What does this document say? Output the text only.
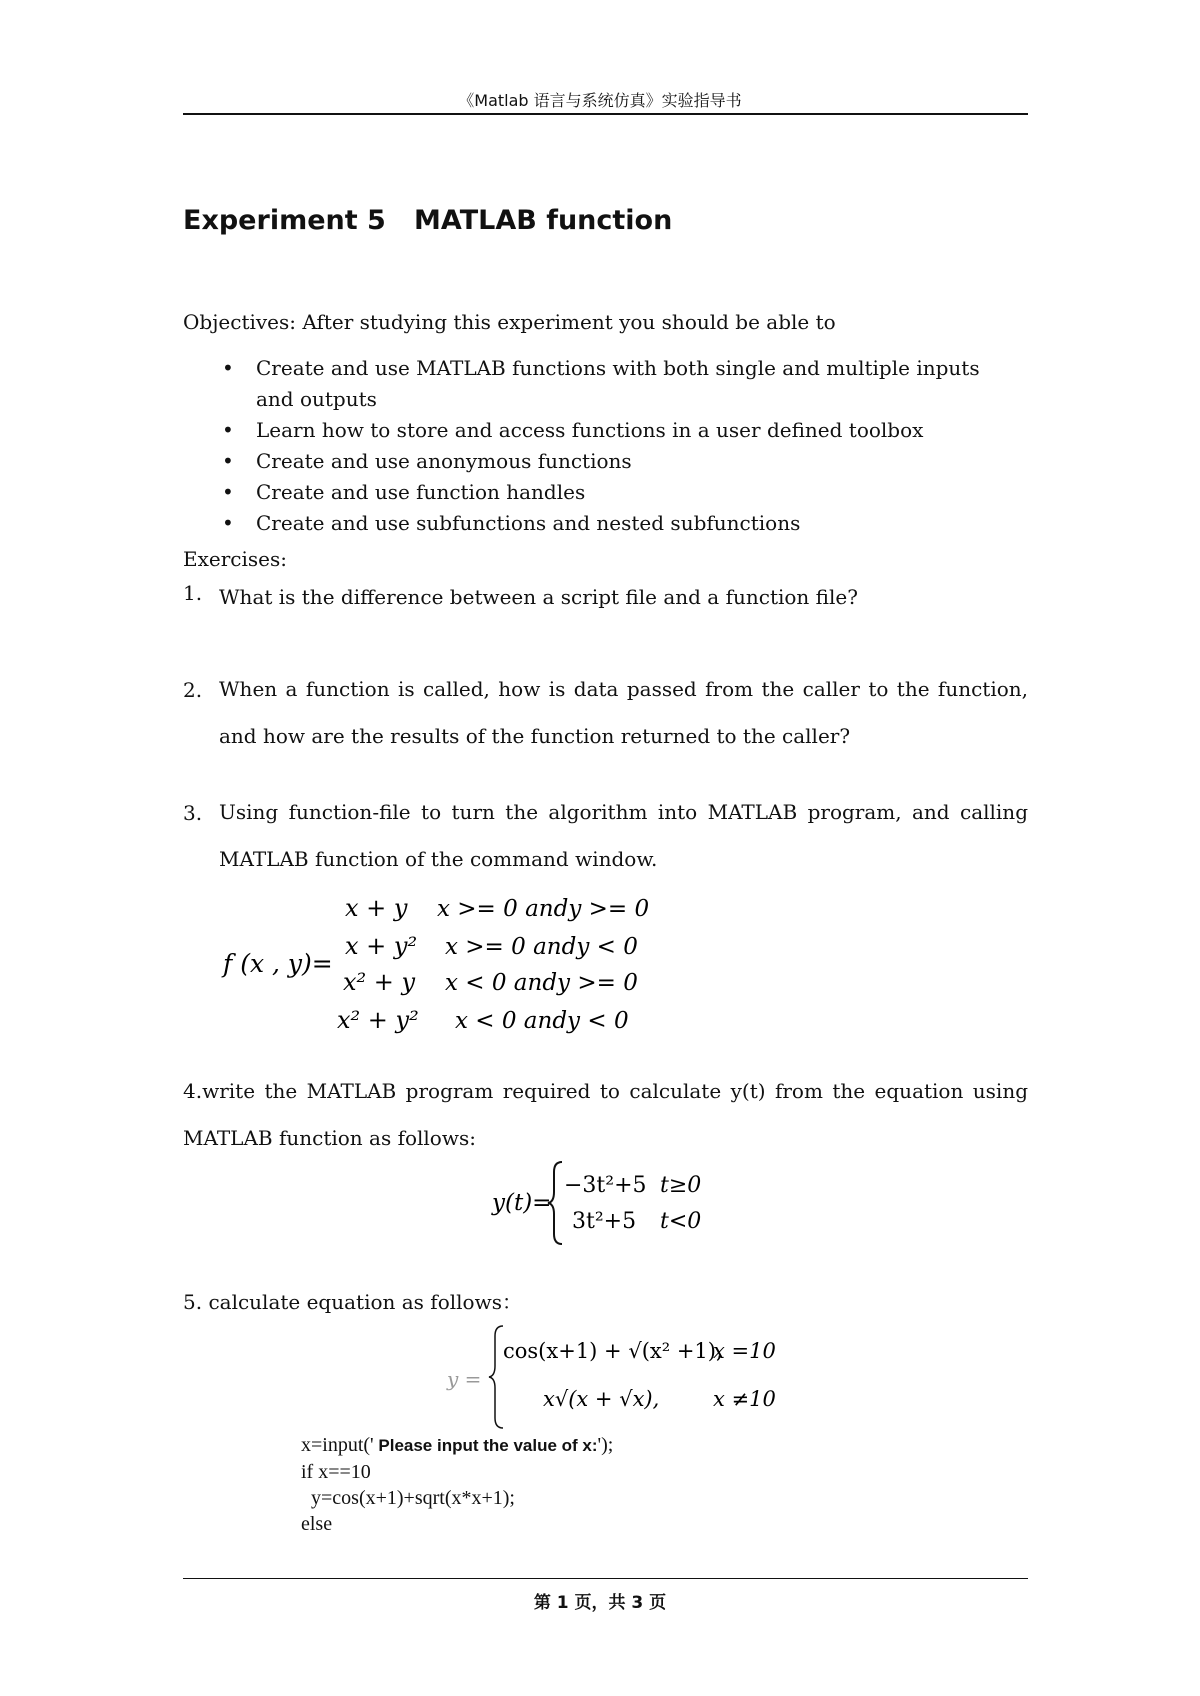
《Matlab 语言与系统仿真》实验指导书
Experiment 5   MATLAB function
Objectives: After studying this experiment you should be able to
• Create and use MATLAB functions with both single and multiple inputs and outputs
• Learn how to store and access functions in a user defined toolbox
• Create and use anonymous functions
• Create and use function handles
• Create and use subfunctions and nested subfunctions
Exercises:
1. What is the difference between a script file and a function file?
2. When a function is called, how is data passed from the caller to the function, and how are the results of the function returned to the caller?
3. Using function-file to turn the algorithm into MATLAB program, and calling MATLAB function of the command window.
f (x , y)=
x + y x >= 0 andy >= 0
x + y² x >= 0 andy < 0
x² + y x < 0 andy >= 0
x² + y² x < 0 andy < 0
4.write the MATLAB program required to calculate y(t) from the equation using MATLAB function as follows:
y(t)=
−3t²+5 t≥0
3t²+5 t<0
5. calculate equation as follows：
y =
cos(x+1) + √(x² +1),
x =10
x√(x + √x),	x ≠10
x=input(' Please input the value of x:');
if x==10
y=cos(x+1)+sqrt(x*x+1);
else
第 1 页，共 3 页
